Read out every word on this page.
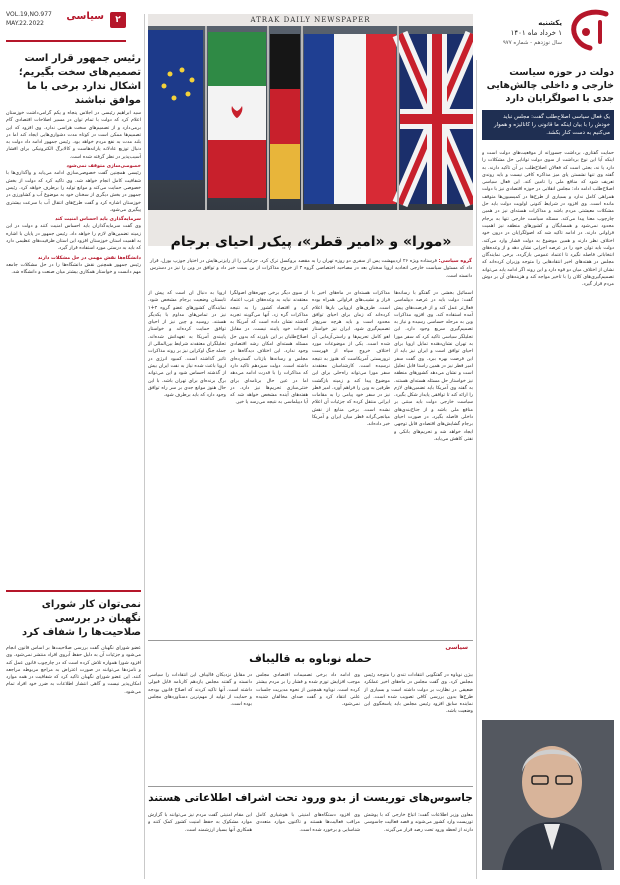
یکشنبه
۱ خرداد ماه ۱۴۰۱
سال نوزدهم - شماره ۹۷۷
۲
سیاسی
VOL.19,NO.977
MAY.22.2022	ATRAK DAILY NEWSPAPER
«مورا» و «امیر قطر»، پیک‌ر احیای برجام
گروه سیاسی: فرستاده ویژه ۲۶ اردیبهشت پس از سفری دو روزه تهران را به مقصد بروکسل ترک کرد. جزئیاتی را از رایزنی‌هایش در اختیار جوزپ بورل، قرار داد که مسئول سیاست خارجی اتحادیه اروپا سخنان بعد در مصاحبه اختصاصی گروه ۳ از خروج مذاکرات از بن بست خبر داد و توافق در وین را نیز در دسترس دانسته است.
دولت در حوزه سیاست خارجی و داخلی چالش‌هایی جدی با اصولگرایان دارد
یک فعال سیاسی اصلاح‌طلب گفت: مجلس نباید خودش را با بیان اینکه ما قانونی را کانالیزه و هموار می‌کنیم به دست کنار بکشد.
حمایت گفتاری، برداشت جسورانه از موقعیت‌های دولت است و اینکه آیا این نوع برداشت از سوی دولت توانایی حل مشکلات را دارد یا نه، بحثی است که فعالان اصلاح‌طلب بر آن تاکید دارند. به گفته وی تنها نشستن پای میز مذاکره کافی نیست و باید روندی تعریف شود که منافع ملی را تامین کند. این فعال سیاسی اصلاح‌طلب ادامه داد: مجلس انقلابی در حوزه اقتصادی نیز با دولت همراهی کامل ندارد و بسیاری از طرح‌ها در کمیسیون‌ها متوقف مانده است. وی افزود در شرایط کنونی اولویت دولت باید حل مشکلات معیشتی مردم باشد و مذاکرات هسته‌ای نیز در همین چارچوب معنا پیدا می‌کند. مسئله سیاست خارجی تنها به برجام محدود نمی‌شود و همسایگان و کشورهای منطقه نیز اهمیت فراوانی دارند. در ادامه تاکید شد که اصولگرایان در درون خود اختلاف نظر دارند و همین موضوع به دولت فشار وارد می‌کند. دولت باید توان خود را در عرصه اجرایی نشان دهد و از وعده‌های انتخاباتی فاصله نگیرد تا اعتماد عمومی بازگردد. برخی نمایندگان مجلس در هفته‌های اخیر انتقادهایی را متوجه وزیران کرده‌اند که نشان از اختلاف میان دو قوه دارد و این روند اگر ادامه یابد می‌تواند تصمیم‌گیری‌های کلان را با تاخیر مواجه کند و هزینه‌های آن بر دوش مردم قرار گیرد.
رئیس جمهور قرار است تصمیم‌های سخت بگیریم؛ اشکال ندارد برخی با ما موافق نباشند
سید ابراهیم رئیسی در اجلاس پنجاه و یکم گرامی‌داشت خوزستان اعلام کرد که دولت با تمام توان در مسیر اصلاحات اقتصادی گام برمی‌دارد و از تصمیم‌های سخت هراسی ندارد. وی افزود که این تصمیم‌ها ممکن است در کوتاه مدت دشواری‌هایی ایجاد کند اما در بلند مدت به نفع مردم خواهد بود. رئیس جمهور ادامه داد دولت به دنبال توزیع عادلانه یارانه‌هاست و کالابرگ الکترونیکی برای اقشار آسیب‌پذیر در نظر گرفته شده است.
خصوصی‌سازی متوقف نمی‌شود
رئیسی همچنین گفت خصوصی‌سازی ادامه می‌یابد و واگذاری‌ها با شفافیت کامل انجام خواهد شد. وی تاکید کرد که دولت از بخش خصوصی حمایت می‌کند و موانع تولید را برطرف خواهد کرد. رئیس جمهور در بخش دیگری از سخنان خود به موضوع آب و کشاورزی در خوزستان اشاره کرد و گفت طرح‌های انتقال آب با سرعت بیشتری پیگیری می‌شود.
سرمایه‌گذاری باید احساس امنیت کند
وی گفت سرمایه‌گذاران باید احساس امنیت کنند و دولت در این زمینه تضمین‌های لازم را خواهد داد. رئیس جمهور در پایان با اشاره به اهمیت استان خوزستان افزود این استان ظرفیت‌های عظیمی دارد که باید به درستی مورد استفاده قرار گیرد.
دانشگاه‌ها نقش مهمی در حل مشکلات دارند
رئیس جمهور همچنین نقش دانشگاه‌ها را در حل مشکلات جامعه مهم دانست و خواستار همکاری بیشتر میان صنعت و دانشگاه شد.
نمی‌توان کار شورای نگهبان در بررسی صلاحیت‌ها را شفاف کرد
عضو شورای نگهبان گفت بررسی صلاحیت‌ها بر اساس قانون انجام می‌شود و جزئیات آن به دلیل حفظ آبروی افراد منتشر نمی‌شود. وی افزود شورا همواره تلاش کرده است که در چارچوب قانون عمل کند و نامزدها می‌توانند در صورت اعتراض به مراجع مربوطه مراجعه کنند. این عضو شورای نگهبان تاکید کرد که شفافیت در همه موارد امکان‌پذیر نیست و گاهی انتشار اطلاعات به ضرر خود افراد تمام می‌شود.
اسمائیل بخشی در گفتگو با رسانه‌ها گفت: دولت باید در عرصه دیپلماسی فعال‌تر عمل کند و از فرصت‌های پیش آمده استفاده کند. وی افزود مذاکرات وین به مرحله حساسی رسیده و نیاز به تصمیم‌گیری سریع وجود دارد. این تحلیلگر سیاسی تاکید کرد که سفر مورا به تهران نشان‌دهنده تمایل اروپا برای احیای توافق است و ایران نیز باید از این فرصت بهره ببرد. وی گفت سفر امیر قطر نیز در همین راستا قابل تحلیل است و نشان می‌دهد کشورهای منطقه نیز خواستار حل مسئله هسته‌ای هستند. به گفته وی آمریکا باید تضمین‌های لازم را ارائه کند تا توافقی پایدار شکل بگیرد. سیاست خارجی دولت باید مبتنی بر منافع ملی باشد و از جناح‌بندی‌های داخلی فاصله بگیرد. در صورت احیای برجام گشایش‌های اقتصادی قابل توجهی ایجاد خواهد شد و تحریم‌های بانکی و نفتی کاهش می‌یابد.
مذاکرات هسته‌ای در ماه‌های اخیر با فراز و نشیب‌های فراوانی همراه بوده است. طرف‌های اروپایی بارها اعلام کرده‌اند که زمان برای احیای توافق محدود است و باید هرچه سریع‌تر تصمیم‌گیری شود. ایران نیز خواستار لغو کامل تحریم‌ها و راستی‌آزمایی آن شده است. یکی از موضوعات مورد اختلاف خروج سپاه از فهرست تروریستی آمریکاست که هنوز به نتیجه نرسیده است. کارشناسان معتقدند سفر مورا می‌تواند راه‌حلی برای این موضوع پیدا کند و زمینه بازگشت طرفین به وین را فراهم آورد. امیر قطر نیز در سفر خود پیامی را به مقامات ایرانی منتقل کرده که جزئیات آن اعلام نشده است. برخی منابع از نقش میانجی‌گرانه قطر میان ایران و آمریکا خبر داده‌اند.
از سوی دیگر برخی چهره‌های اصولگرا معتقدند نباید به وعده‌های غرب اعتماد کرد و اقتصاد کشور را به نتیجه مذاکرات گره زد. آنها می‌گویند تجربه گذشته نشان داده است که آمریکا به تعهدات خود پایبند نیست. در مقابل اصلاح‌طلبان بر این باورند که بدون حل مسئله هسته‌ای امکان رشد اقتصادی وجود ندارد. این اختلاف دیدگاه‌ها در مجلس و رسانه‌ها بازتاب گسترده‌ای داشته است. دولت سیزدهم تاکید دارد که مذاکرات را با قدرت ادامه می‌دهد اما در عین حال برنامه‌ای برای خنثی‌سازی تحریم‌ها نیز دارد. در هفته‌های آینده مشخص خواهد شد که آیا دیپلماسی به نتیجه می‌رسد یا خیر.
اروپا به دنبال آن است که پیش از تابستان وضعیت برجام مشخص شود. نمایندگان کشورهای عضو گروه ۴+۱ نیز در تماس‌های مداوم با یکدیگر هستند. روسیه و چین نیز از احیای توافق حمایت کرده‌اند و خواستار پایبندی آمریکا به تعهداتش شده‌اند. تحلیلگران معتقدند شرایط بین‌المللی از جمله جنگ اوکراین نیز بر روند مذاکرات تاثیر گذاشته است. کمبود انرژی در اروپا باعث شده نیاز به نفت ایران بیش از گذشته احساس شود و این می‌تواند برگ برنده‌ای برای تهران باشد. با این حال هنوز موانع جدی بر سر راه توافق وجود دارد که باید برطرف شود.
سیاسی
حمله نوباوه به قالیباف
بیژن نوباوه در گفتگویی انتقادات تندی را متوجه رئیس مجلس کرد. وی گفت مجلس در ماه‌های اخیر عملکرد ضعیفی در نظارت بر دولت داشته است و بسیاری از طرح‌ها بدون بررسی کافی تصویب شده است. این نماینده سابق افزود رئیس مجلس باید پاسخگوی این وضعیت باشد.
وی ادامه داد برخی تصمیمات اقتصادی مجلس موجب افزایش تورم شده و فشار را بر مردم بیشتر کرده است. نوباوه همچنین از نحوه مدیریت جلسات علنی انتقاد کرد و گفت صدای مخالفان شنیده نمی‌شود.
در مقابل نزدیکان قالیباف این انتقادات را سیاسی دانسته و گفتند مجلس یازدهم کارنامه قابل قبولی داشته است. آنها تاکید کردند که اصلاح قانون بودجه و حمایت از تولید از مهم‌ترین دستاوردهای مجلس بوده است.
جاسوس‌های توریست از بدو ورود تحت اشراف اطلاعاتی هستند
معاون وزیر اطلاعات گفت: اتباع خارجی که با پوشش توریست وارد کشور می‌شوند و قصد فعالیت جاسوسی دارند از لحظه ورود تحت رصد قرار می‌گیرند.
وی افزود دستگاه‌های امنیتی با هوشیاری کامل مراقب فعالیت‌ها هستند و تاکنون موارد متعددی شناسایی و برخورد شده است.
این مقام امنیتی گفت مردم نیز می‌توانند با گزارش موارد مشکوک به حفظ امنیت کشور کمک کنند و همکاری آنها بسیار ارزشمند است.
